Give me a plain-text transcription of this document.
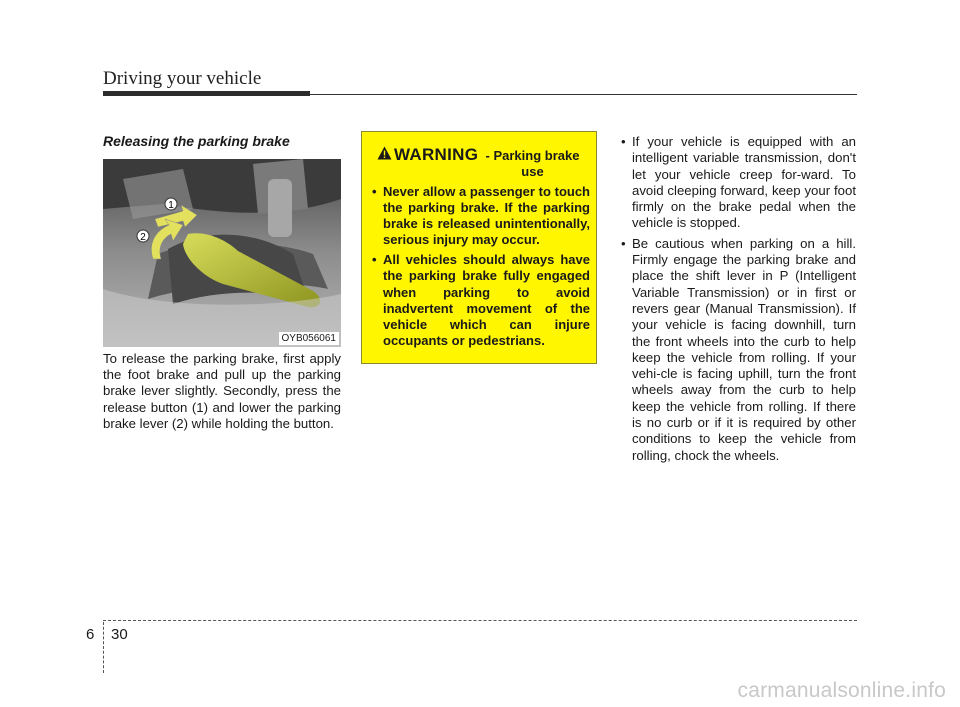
Driving your vehicle
Releasing the parking brake
1
2
OYB056061
To release the parking brake, first apply the foot brake and pull up the parking brake lever slightly. Secondly, press the release button (1) and lower the parking brake lever (2) while holding the button.
WARNING - Parking brake use
• Never allow a passenger to touch the parking brake. If the parking brake is released unintentionally, serious injury may occur.
• All vehicles should always have the parking brake fully engaged when parking to avoid inadvertent movement of the vehicle which can injure occupants or pedestrians.
• If your vehicle is equipped with an intelligent variable transmission, don't let your vehicle creep for-ward. To avoid cleeping forward, keep your foot firmly on the brake pedal when the vehicle is stopped.
• Be cautious when parking on a hill. Firmly engage the parking brake and place the shift lever in P (Intelligent Variable Transmission) or in first or revers gear (Manual Transmission). If your vehicle is facing downhill, turn the front wheels into the curb to help keep the vehicle from rolling. If your vehi-cle is facing uphill, turn the front wheels away from the curb to help keep the vehicle from rolling. If there is no curb or if it is required by other conditions to keep the vehicle from rolling, chock the wheels.
6 30
carmanualsonline.info
